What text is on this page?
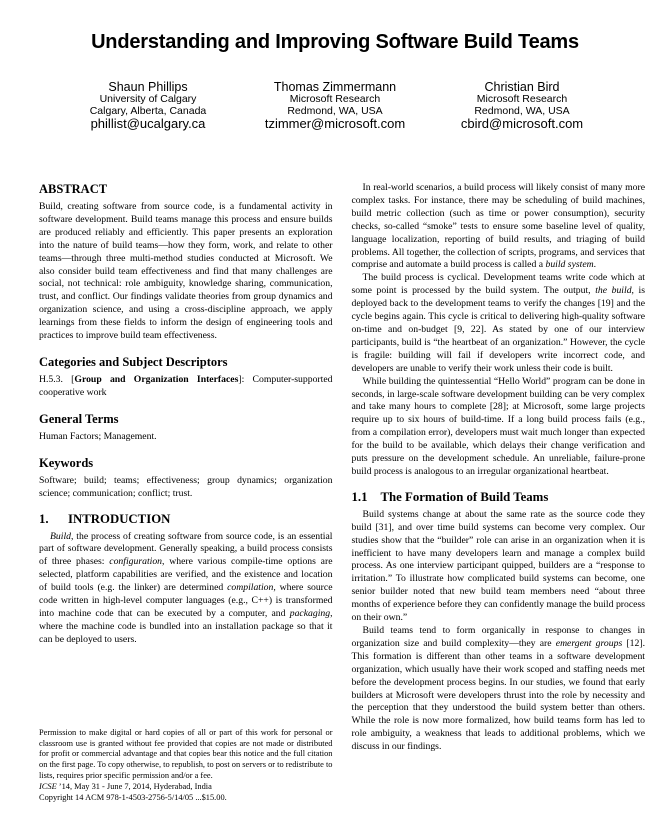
Understanding and Improving Software Build Teams

Shaun Phillips

University of Calgary

Calgary, Alberta, Canada

phillist@ucalgary.ca

Thomas Zimmermann

Microsoft Research

Redmond, WA, USA

tzimmer@microsoft.com

Christian Bird

Microsoft Research

Redmond, WA, USA

cbird@microsoft.com

ABSTRACT

Build, creating software from source code, is a fundamental activity in software development. Build teams manage this process and ensure builds are produced reliably and efficiently. This paper presents an exploration into the nature of build teams—how they form, work, and relate to other teams—through three multi-method studies conducted at Microsoft. We also consider build team effectiveness and find that many challenges are social, not technical: role ambiguity, knowledge sharing, communication, trust, and conflict. Our findings validate theories from group dynamics and organization science, and using a cross-discipline approach, we apply learnings from these fields to inform the design of engineering tools and practices to improve build team effectiveness.

Categories and Subject Descriptors

H.5.3. [Group and Organization Interfaces]: Computer-supported cooperative work

General Terms

Human Factors; Management.

Keywords

Software; build; teams; effectiveness; group dynamics; organization science; communication; conflict; trust.

1.	INTRODUCTION

Build, the process of creating software from source code, is an essential part of software development. Generally speaking, a build process consists of three phases: configuration, where various compile-time options are selected, platform capabilities are verified, and the existence and location of build tools (e.g. the linker) are determined compilation, where source code written in high-level computer languages (e.g., C++) is transformed into machine code that can be executed by a computer, and packaging, where the machine code is bundled into an installation package so that it can be deployed to users.

Permission to make digital or hard copies of all or part of this work for personal or classroom use is granted without fee provided that copies are not made or distributed for profit or commercial advantage and that copies bear this notice and the full citation on the first page. To copy otherwise, to republish, to post on servers or to redistribute to lists, requires prior specific permission and/or a fee.

ICSE ’14, May 31 - June 7, 2014, Hyderabad, India

Copyright 14 ACM 978-1-4503-2756-5/14/05 ...$15.00.

In real-world scenarios, a build process will likely consist of many more complex tasks. For instance, there may be scheduling of build machines, build metric collection (such as time or power consumption), security checks, so-called “smoke” tests to ensure some baseline level of quality, language localization, reporting of build results, and triaging of build problems. All together, the collection of scripts, programs, and services that comprise and automate a build process is called a build system.

The build process is cyclical. Development teams write code which at some point is processed by the build system. The output, the build, is deployed back to the development teams to verify the changes [19] and the cycle begins again. This cycle is critical to delivering high-quality software on-time and on-budget [9, 22]. As stated by one of our interview participants, build is “the heartbeat of an organization.” However, the cycle is fragile: building will fail if developers write incorrect code, and developers are unable to verify their work unless their code is built.

While building the quintessential “Hello World” program can be done in seconds, in large-scale software development building can be very complex and take many hours to complete [28]; at Microsoft, some large projects require up to six hours of build-time. If a long build process fails (e.g., from a compilation error), developers must wait much longer than expected for the build to be available, which delays their change verification and puts pressure on the development schedule. An unreliable, failure-prone build process is analogous to an irregular organizational heartbeat.

1.1	The Formation of Build Teams

Build systems change at about the same rate as the source code they build [31], and over time build systems can become very complex. Our studies show that the “builder” role can arise in an organization when it is inefficient to have many developers learn and manage a complex build process. As one interview participant quipped, builders are a “response to irritation.” To illustrate how complicated build systems can become, one senior builder noted that new build team members need “about three months of experience before they can confidently manage the build process on their own.”

Build teams tend to form organically in response to changes in organization size and build complexity—they are emergent groups [12]. This formation is different than other teams in a software development organization, which usually have their work scoped and staffing needs met before the development process begins. In our studies, we found that early builders at Microsoft were developers thrust into the role by necessity and the perception that they understood the build system better than others. While the role is now more formalized, how build teams form has led to role ambiguity, a weakness that leads to additional problems, which we discuss in our findings.
